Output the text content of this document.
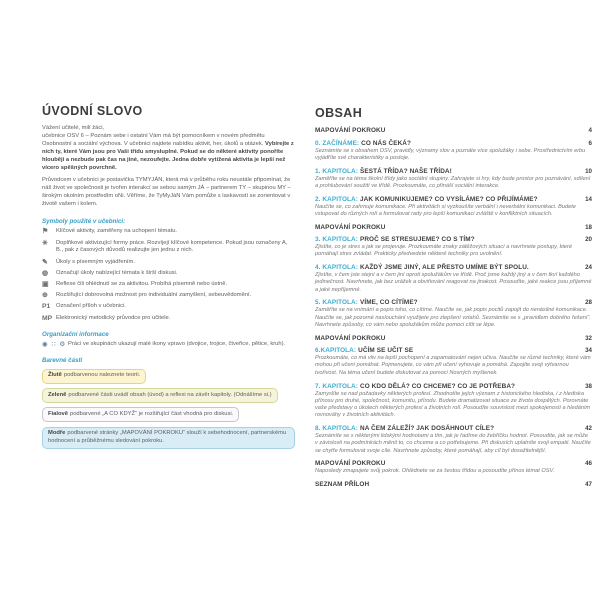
ÚVODNÍ SLOVO

Vážení učitelé, milí žáci,
učebnice OSV 6 – Poznám sebe i ostatní Vám má být pomocníkem v novém předmětu Osobnostní a sociální výchova. V učebnici najdete nabídku aktivit, her, úkolů a otázek. Vybírejte z nich ty, které Vám jsou pro Vaši třídu smysluplné. Pokud se do některé aktivity ponoříte hlouběji a nezbude pak čas na jiné, nezoufejte. Jedna dobře vytížená aktivita je lepší než vícero spěšných povrchně.

Průvodcem v učebnici je postavička TYMYJÁN, která má v průběhu roku neustále připomínat, že náš život ve společnosti je tvořen interakcí se sebou samým JÁ – partnerem TY – skupinou MY – širokým okolním prostředím oNi. Věříme, že TyMyJáN Vám pomůže s laskavostí se zorientovat v životě vašem i kolem.

Symboly použité v učebnici:
⚑	Klíčové aktivity, zaměřeny na uchopení tématu.
✳	Doplňkové aktivizující formy práce. Rozvíjejí klíčové kompetence. Pokud jsou označeny A, B., pak z časových důvodů realizujte jen jednu z nich.
✎	Úkoly s písemným vyjádřením.
◍	Označují úkoly nabízející témata k širší diskusi.
▣	Reflexe čili ohlédnutí se za aktivitou. Probíhá písemně nebo ústně.
⊕	Rozšiřující dobrovolná možnost pro individuální zamyšlení, sebeuvědomění.
P1 Označení příloh v učebnici.
MP Elektronický metodický průvodce pro učitele.
Organizační informace
◉ ∷ ⚙ Práci ve skupinách ukazují malé ikony vpravo (dvojice, trojice, čtveřice, pětice, kruh).
Barevné části
Žlutě podbarvenou naleznete teorii.
Zeleně podbarvené části uvádí obsah (úvod) a reflexi na závěr kapitoly. (Odnášíme si.)
Fialově podbarvené „A CO KDYŽ“ je rozšiřující část vhodná pro diskusi.
Modře podbarvené stránky „MAPOVÁNÍ POKROKU“ slouží k sebehodnocení, partnerskému hodnocení a průběžnému sledování pokroku.
OBSAH
MAPOVÁNÍ POKROKU	4
0. ZAČÍNÁME: CO NÁS ČEKÁ?	6

Seznámíte se s obsahem OSV, pravidly, významy slov a poznáte více spolužáky i sebe. Prostřednictvím erbu vyjádříte své charakteristiky a postoje.

1. KAPITOLA: ŠESTÁ TŘÍDA? NAŠE TŘÍDA!	10

Zaměříte se na téma školní třídy jako sociální skupiny. Zahrajete si hry, kdy bude prostor pro poznávání, sdílení a prohlubování soužití ve třídě. Prozkoumáte, co přináší sociální interakce.

2. KAPITOLA: JAK KOMUNIKUJEME? CO VYSÍLÁME? CO PŘIJÍMÁME?	14

Naučíte se, co zahrnuje komunikace. Při aktivitách si vyzkoušíte verbální i neverbální komunikaci. Budete vstupovat do různých rolí a formulovat rady pro lepší komunikaci zvláště v konfliktních situacích.

MAPOVÁNÍ POKROKU	18
3. KAPITOLA: PROČ SE STRESUJEME? CO S TÍM?	20

Zjistíte, co je stres a jak se projevuje. Prozkoumáte znaky zátěžových situací a navrhnete postupy, které pomáhají stres zvládat. Prakticky předvedete některé techniky pro uvolnění.

4. KAPITOLA: KAŽDÝ JSME JINÝ, ALE PŘESTO UMÍME BÝT SPOLU.	24

Zjistíte, v čem jste stejní a v čem jiní oproti spolužákům ve třídě. Proč jsme každý jiný a v čem tkví každého jedinečnost. Navrhnete, jak bez urážek a obviňování reagovat na jinakost. Posoudíte, jaké reakce jsou příjemné a jaké nepříjemné.

5. KAPITOLA: VÍME, CO CÍTÍME?	28

Zaměříte se na vnímání a popis toho, co cítíme. Naučíte se, jak popis pocitů zapojit do nenásilné komunikace. Naučíte se, jak pozorné naslouchání využijete pro zlepšení vztahů. Seznámíte se s „pravidlem dobrého řešení“. Navrhnete způsoby, co vám nebo spolužákům může pomoci cítit se lépe.

MAPOVÁNÍ POKROKU	32
6.KAPITOLA: UČÍM SE UČIT SE	34

Prozkoumáte, co má vliv na lepší pochopení a zapamatování nejen učiva. Naučíte se různé techniky, které vám mohou při učení pomáhat. Pojmenujete, co vám při učení vyhovuje a pomáhá. Zapojíte svoji výtvarnou tvořivost. Na téma učení budete diskutovat za pomoci Nosných myšlenek.

7. KAPITOLA: CO KDO DĚLÁ? CO CHCEME? CO JE POTŘEBA?	38

Zamyslíte se nad požadavky některých profesí. Zhodnotíte jejich význam z historického hlediska, i z hlediska přínosu pro druhé, společnost, komunitu, přírodu. Budete dramatizovat situace ze života dospělých. Porovnáte vaše představy o úkolech některých profesí a životních rolí. Posoudíte souvislost mezi spokojeností a hledáním rovnováhy v životních aktivitách.

8. KAPITOLA: NA ČEM ZÁLEŽÍ? JAK DOSÁHNOUT CÍLE?	42

Seznámíte se s některými lidskými hodnotami a tím, jak je řadíme do žebříčku hodnot. Posoudíte, jak se může v závislosti na podmínkách měnit to, co chceme a co potřebujeme. Při diskusích uplatníte svoji empatii. Naučíte se chytře formulovat svoje cíle. Navrhnete způsoby, které pomáhají, aby cíl byl dosažitelnější.

MAPOVÁNÍ POKROKU	46

Naposledy zmapujete svůj pokrok. Ohlédnete se za šestou třídou a posoudíte přínos témat OSV.

SEZNAM PŘÍLOH	47
